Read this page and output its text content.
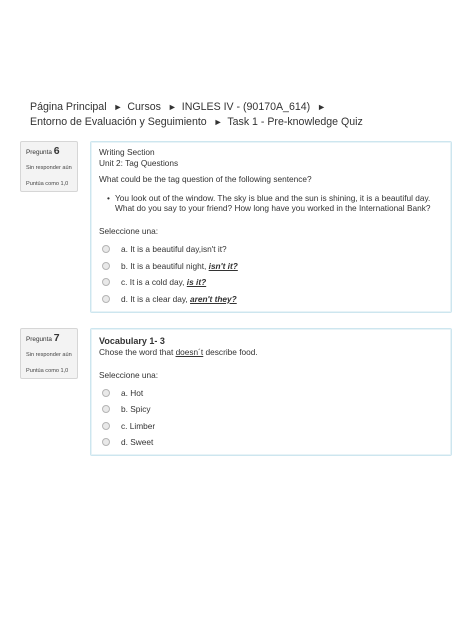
Página Principal ► Cursos ► INGLES IV - (90170A_614) ►
Entorno de Evaluación y Seguimiento ► Task 1 - Pre-knowledge Quiz
Pregunta 6
Sin responder aún
Puntúa como 1,0
Writing Section
Unit 2: Tag Questions
What could be the tag question of the following sentence?
• You look out of the window. The sky is blue and the sun is shining, it is a beautiful day.
What do you say to your friend? How long have you worked in the International Bank?
Seleccione una:
a. It is a beautiful day, isn't it?
b. It is a beautiful night, isn't it?
c. It is a cold day, is it?
d. It is a clear day, aren't they?
Pregunta 7
Sin responder aún
Puntúa como 1,0
Vocabulary 1- 3
Chose the word that doesn´t describe food.
Seleccione una:
a. Hot
b. Spicy
c. Limber
d. Sweet
